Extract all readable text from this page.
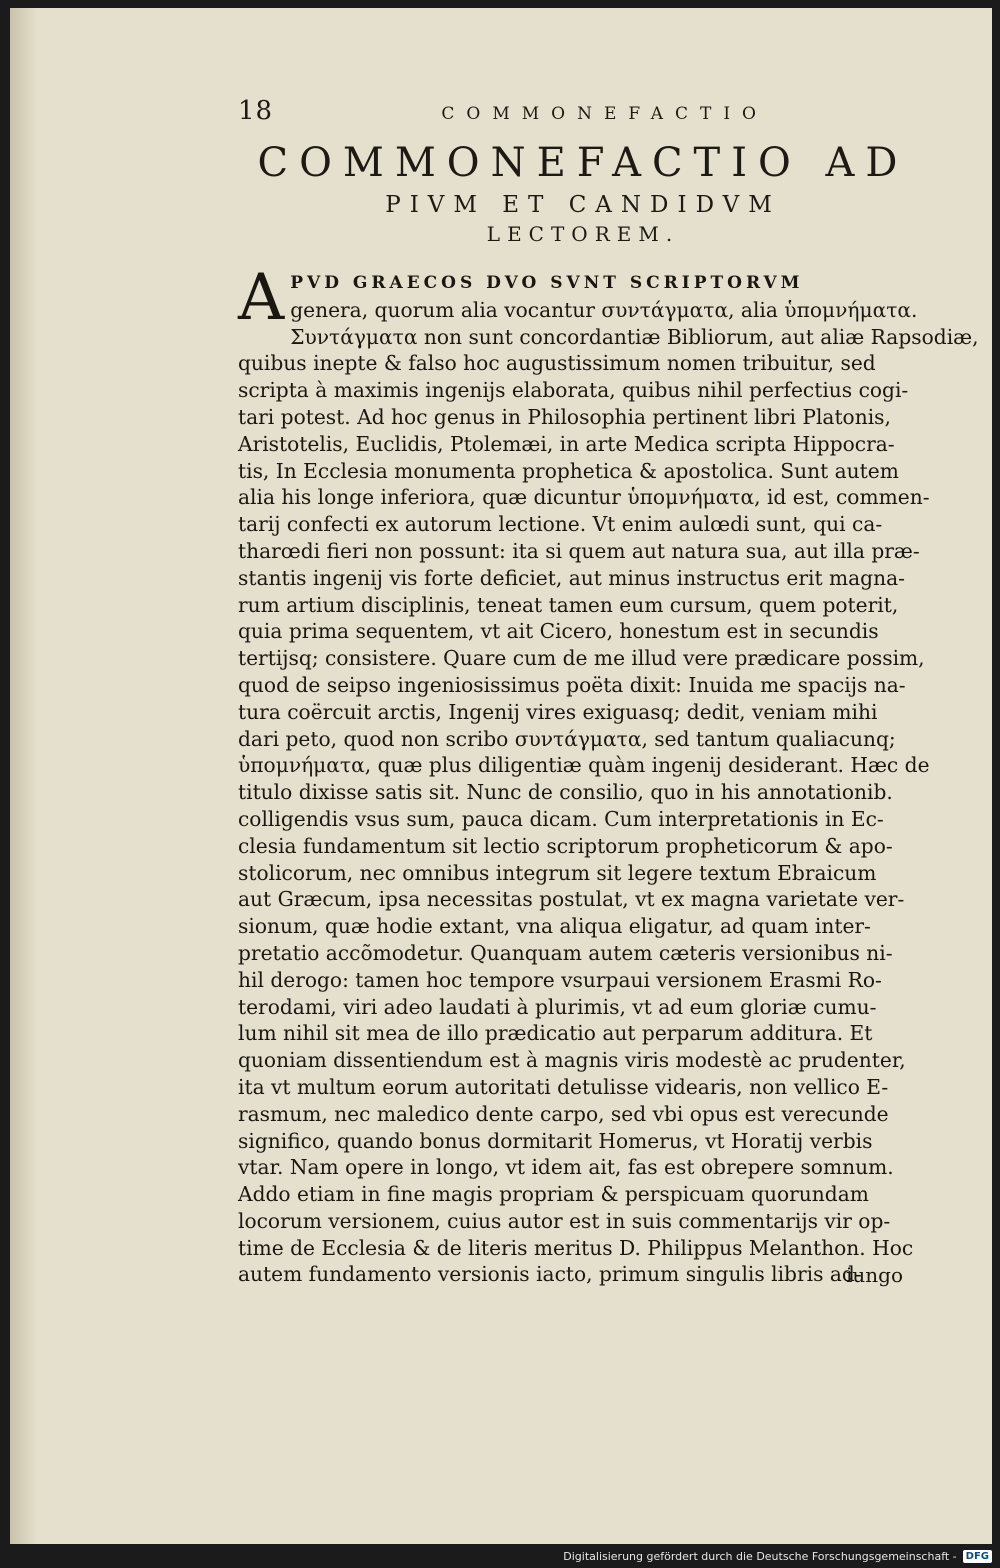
18	COMMONEFACTIO
COMMONEFACTIO AD
PIVM ET CANDIDVM
LECTOREM.
A PVD GRAECOS DVO SVNT SCRIPTORVM
genera, quorum alia vocantur συντάγματα, alia ὑπομνήματα.
Συντάγματα non sunt concordantiæ Bibliorum, aut aliæ Rapsodiæ,
quibus inepte & falso hoc augustissimum nomen tribuitur, sed
scripta à maximis ingenijs elaborata, quibus nihil perfectius cogi-
tari potest. Ad hoc genus in Philosophia pertinent libri Platonis,
Aristotelis, Euclidis, Ptolemæi, in arte Medica scripta Hippocra-
tis, In Ecclesia monumenta prophetica & apostolica. Sunt autem
alia his longe inferiora, quæ dicuntur ὑπομνήματα, id est, commen-
tarij confecti ex autorum lectione. Vt enim aulœdi sunt, qui ca-
tharœdi fieri non possunt: ita si quem aut natura sua, aut illa præ-
stantis ingenij vis forte deficiet, aut minus instructus erit magna-
rum artium disciplinis, teneat tamen eum cursum, quem poterit,
quia prima sequentem, vt ait Cicero, honestum est in secundis
tertijsq; consistere. Quare cum de me illud vere prædicare possim,
quod de seipso ingeniosissimus poëta dixit: Inuida me spacijs na-
tura coërcuit arctis, Ingenij vires exiguasq; dedit, veniam mihi
dari peto, quod non scribo συντάγματα, sed tantum qualiacunq;
ὑπομνήματα, quæ plus diligentiæ quàm ingenij desiderant. Hæc de
titulo dixisse satis sit. Nunc de consilio, quo in his annotationib.
colligendis vsus sum, pauca dicam. Cum interpretationis in Ec-
clesia fundamentum sit lectio scriptorum propheticorum & apo-
stolicorum, nec omnibus integrum sit legere textum Ebraicum
aut Græcum, ipsa necessitas postulat, vt ex magna varietate ver-
sionum, quæ hodie extant, vna aliqua eligatur, ad quam inter-
pretatio accõmodetur. Quanquam autem cæteris versionibus ni-
hil derogo: tamen hoc tempore vsurpaui versionem Erasmi Ro-
terodami, viri adeo laudati à plurimis, vt ad eum gloriæ cumu-
lum nihil sit mea de illo prædicatio aut perparum additura. Et
quoniam dissentiendum est à magnis viris modestè ac prudenter,
ita vt multum eorum autoritati detulisse videaris, non vellico E-
rasmum, nec maledico dente carpo, sed vbi opus est verecunde
significo, quando bonus dormitarit Homerus, vt Horatij verbis
vtar. Nam opere in longo, vt idem ait, fas est obrepere somnum.
Addo etiam in fine magis propriam & perspicuam quorundam
locorum versionem, cuius autor est in suis commentarijs vir op-
time de Ecclesia & de literis meritus D. Philippus Melanthon. Hoc
autem fundamento versionis iacto, primum singulis libris ad-
iungo
Digitalisierung gefördert durch die Deutsche Forschungsgemeinschaft - DFG
